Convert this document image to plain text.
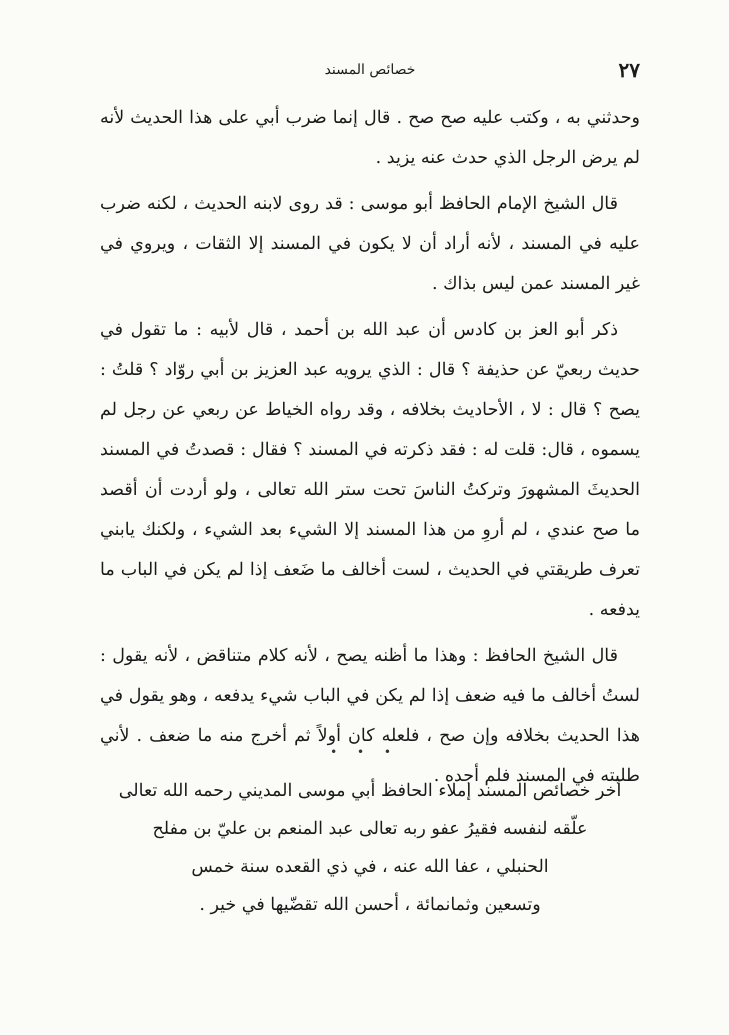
٢٧
خصائص المسند

وحدثني به ، وكتب عليه صح صح . قال إنما ضرب أبي على هذا الحديث لأنه لم يرض الرجل الذي حدث عنه يزيد .

قال الشيخ الإمام الحافظ أبو موسى : قد روى لابنه الحديث ، لكنه ضرب عليه في المسند ، لأنه أراد أن لا يكون في المسند إلا الثقات ، ويروي في غير المسند عمن ليس بذاك .

ذكر أبو العز بن كادس أن عبد الله بن أحمد ، قال لأبيه : ما تقول في حديث ربعيّ عن حذيفة ؟ قال : الذي يرويه عبد العزيز بن أبي روّاد ؟ قلتُ : يصح ؟ قال : لا ، الأحاديث بخلافه ، وقد رواه الخياط عن ربعي عن رجل لم يسموه ، قال: قلت له : فقد ذكرته في المسند ؟ فقال : قصدتُ في المسند الحديثَ المشهورَ وتركتُ الناسَ تحت ستر الله تعالى ، ولو أردت أن أقصد ما صح عندي ، لم أروِ من هذا المسند إلا الشيء بعد الشيء ، ولكنك يابني تعرف طريقتي في الحديث ، لست أخالف ما ضَعف إذا لم يكن في الباب ما يدفعه .

قال الشيخ الحافظ : وهذا ما أظنه يصح ، لأنه كلام متناقض ، لأنه يقول : لستُ أخالف ما فيه ضعف إذا لم يكن في الباب شيء يدفعه ، وهو يقول في هذا الحديث بخلافه وإن صح ، فلعله كان أولاً ثم أخرج منه ما ضعف . لأني طلبته في المسند فلم أجده .

• • •
آخر خصائص المسند إملاء الحافظ أبي موسى المديني رحمه الله تعالى
علّقه لنفسه فقيرُ عفو ربه تعالى عبد المنعم بن عليّ بن مفلح
الحنبلي ، عفا الله عنه ، في ذي القعده سنة خمس
وتسعين وثمانمائة ، أحسن الله تقضّيها في خير .
